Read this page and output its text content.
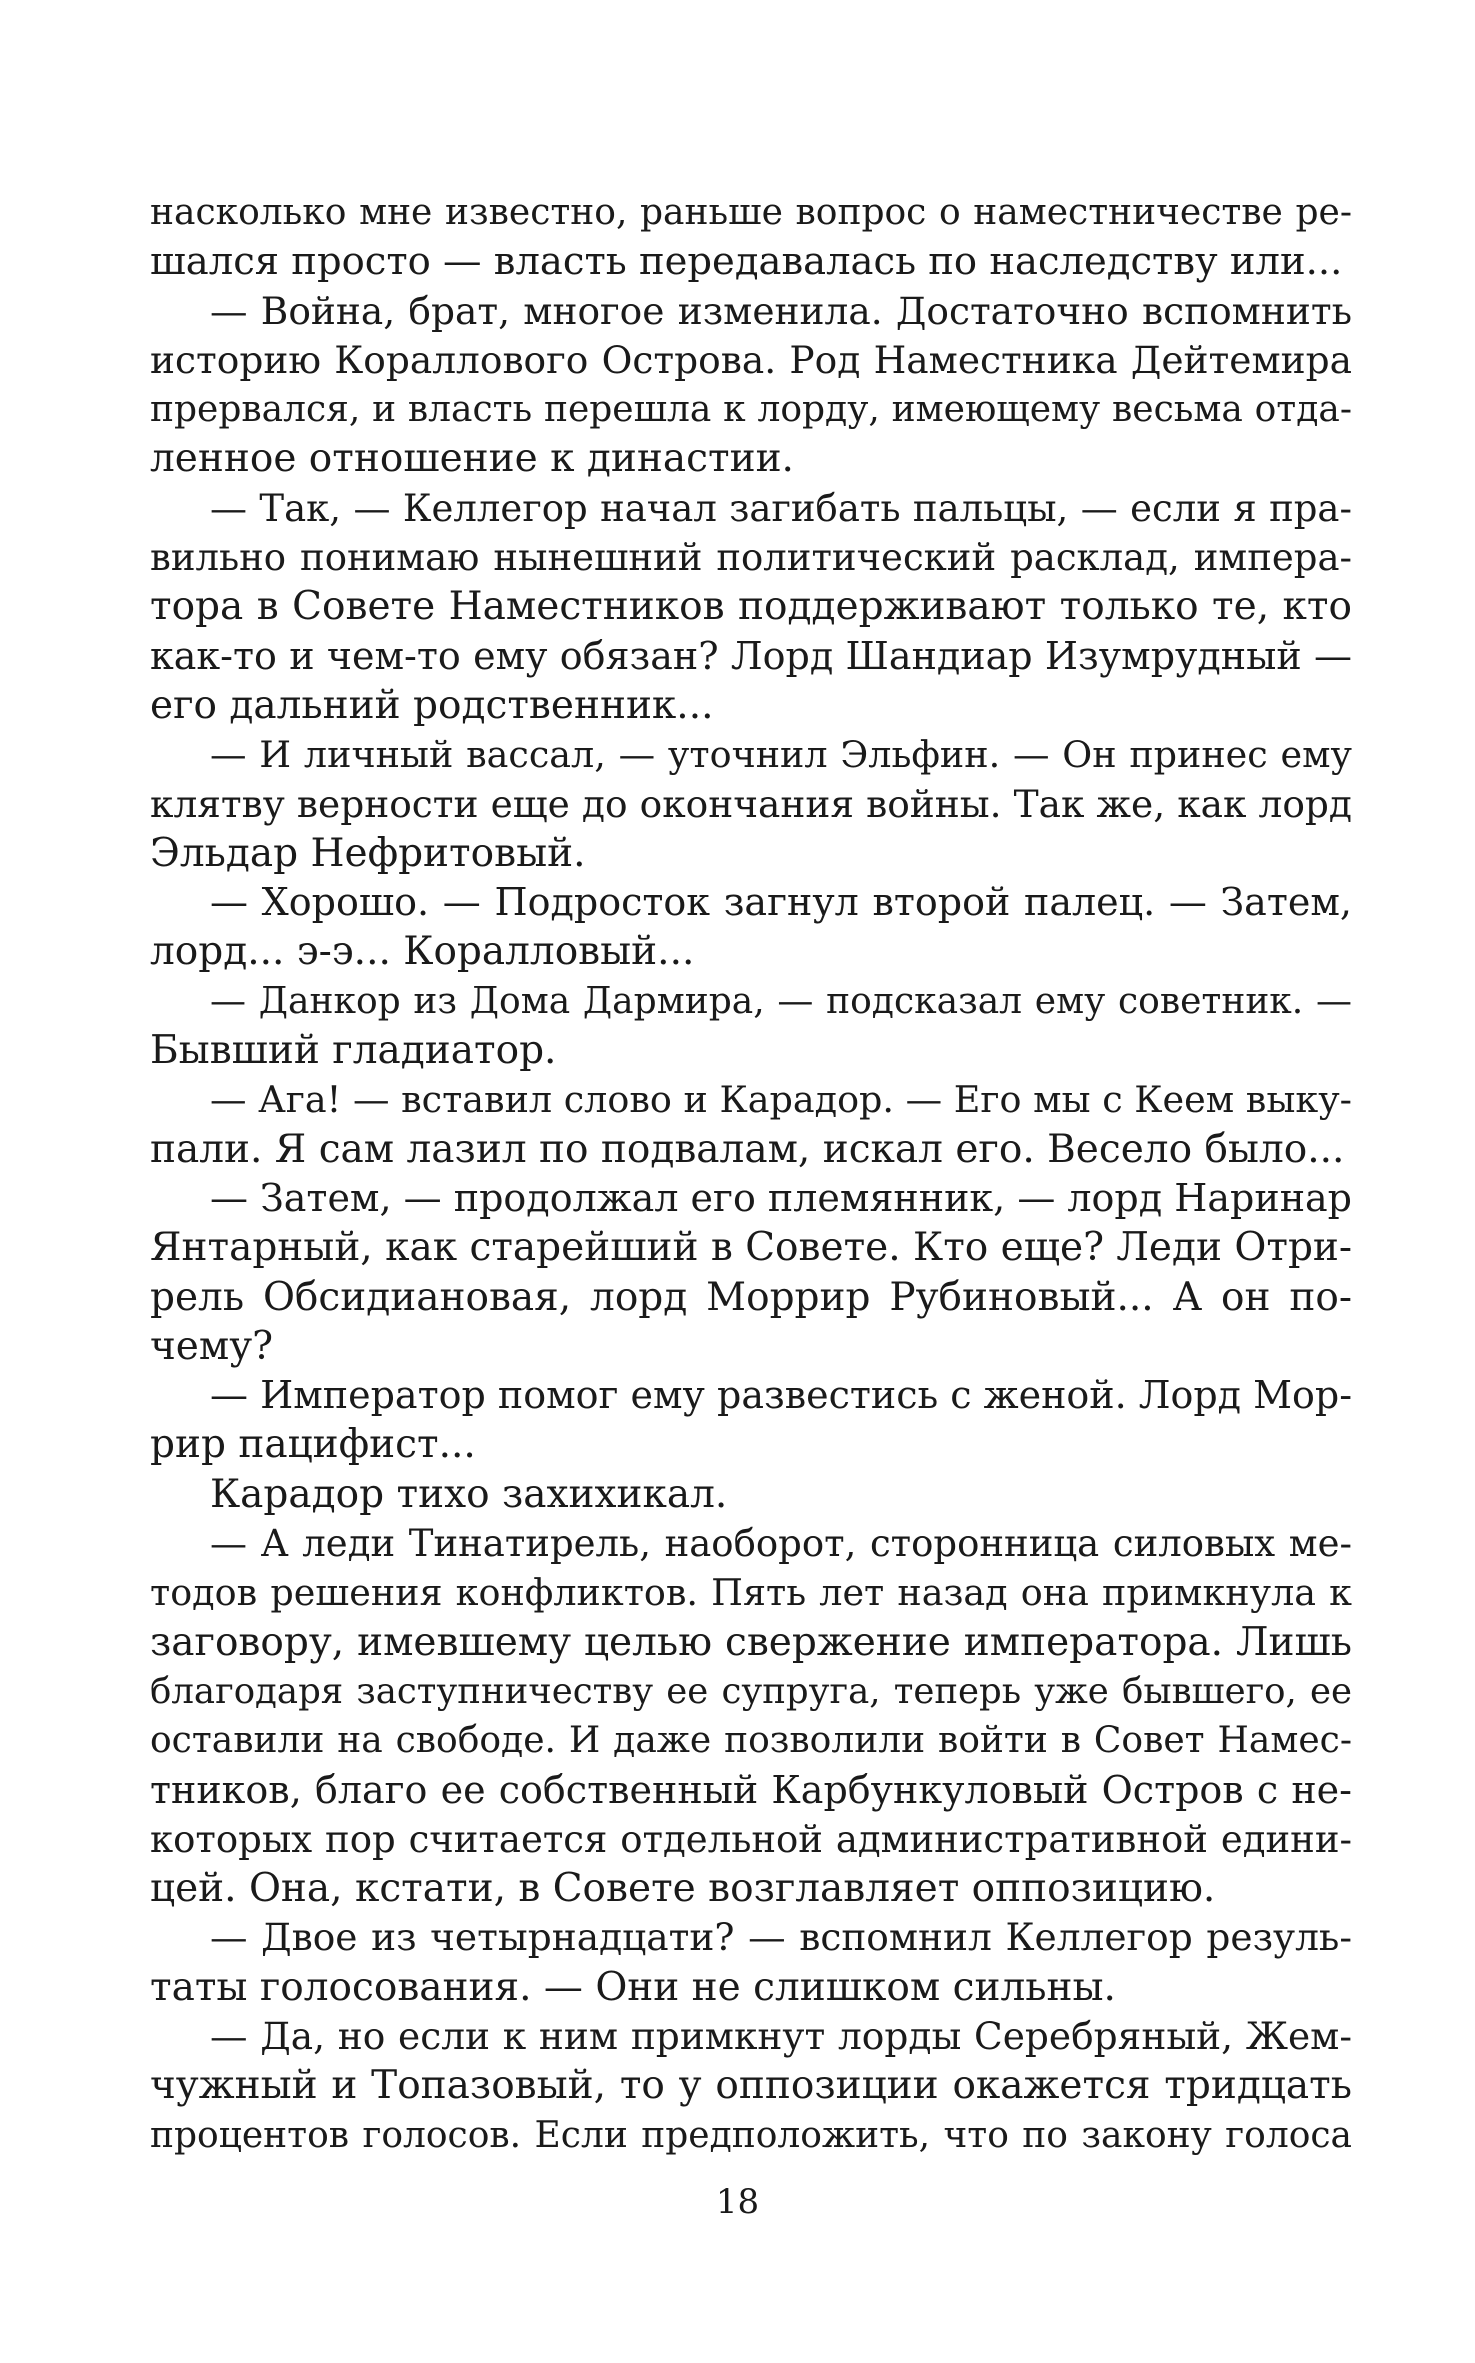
насколько мне известно, раньше вопрос о наместничестве ре-
шался просто — власть передавалась по наследству или...
— Война, брат, многое изменила. Достаточно вспомнить
историю Кораллового Острова. Род Наместника Дейтемира
прервался, и власть перешла к лорду, имеющему весьма отда-
ленное отношение к династии.
— Так, — Келлегор начал загибать пальцы, — если я пра-
вильно понимаю нынешний политический расклад, импера-
тора в Совете Наместников поддерживают только те, кто
как-то и чем-то ему обязан? Лорд Шандиар Изумрудный —
его дальний родственник...
— И личный вассал, — уточнил Эльфин. — Он принес ему
клятву верности еще до окончания войны. Так же, как лорд
Эльдар Нефритовый.
— Хорошо. — Подросток загнул второй палец. — Затем,
лорд... э-э... Коралловый...
— Данкор из Дома Дармира, — подсказал ему советник. —
Бывший гладиатор.
— Ага! — вставил слово и Карадор. — Его мы с Кеем выку-
пали. Я сам лазил по подвалам, искал его. Весело было...
— Затем, — продолжал его племянник, — лорд Наринар
Янтарный, как старейший в Совете. Кто еще? Леди Отри-
рель Обсидиановая, лорд Моррир Рубиновый... А он по-
чему?
— Император помог ему развестись с женой. Лорд Мор-
рир пацифист...
Карадор тихо захихикал.
— А леди Тинатирель, наоборот, сторонница силовых ме-
тодов решения конфликтов. Пять лет назад она примкнула к
заговору, имевшему целью свержение императора. Лишь
благодаря заступничеству ее супруга, теперь уже бывшего, ее
оставили на свободе. И даже позволили войти в Совет Намес-
тников, благо ее собственный Карбункуловый Остров с не-
которых пор считается отдельной административной едини-
цей. Она, кстати, в Совете возглавляет оппозицию.
— Двое из четырнадцати? — вспомнил Келлегор резуль-
таты голосования. — Они не слишком сильны.
— Да, но если к ним примкнут лорды Серебряный, Жем-
чужный и Топазовый, то у оппозиции окажется тридцать
процентов голосов. Если предположить, что по закону голоса
18
